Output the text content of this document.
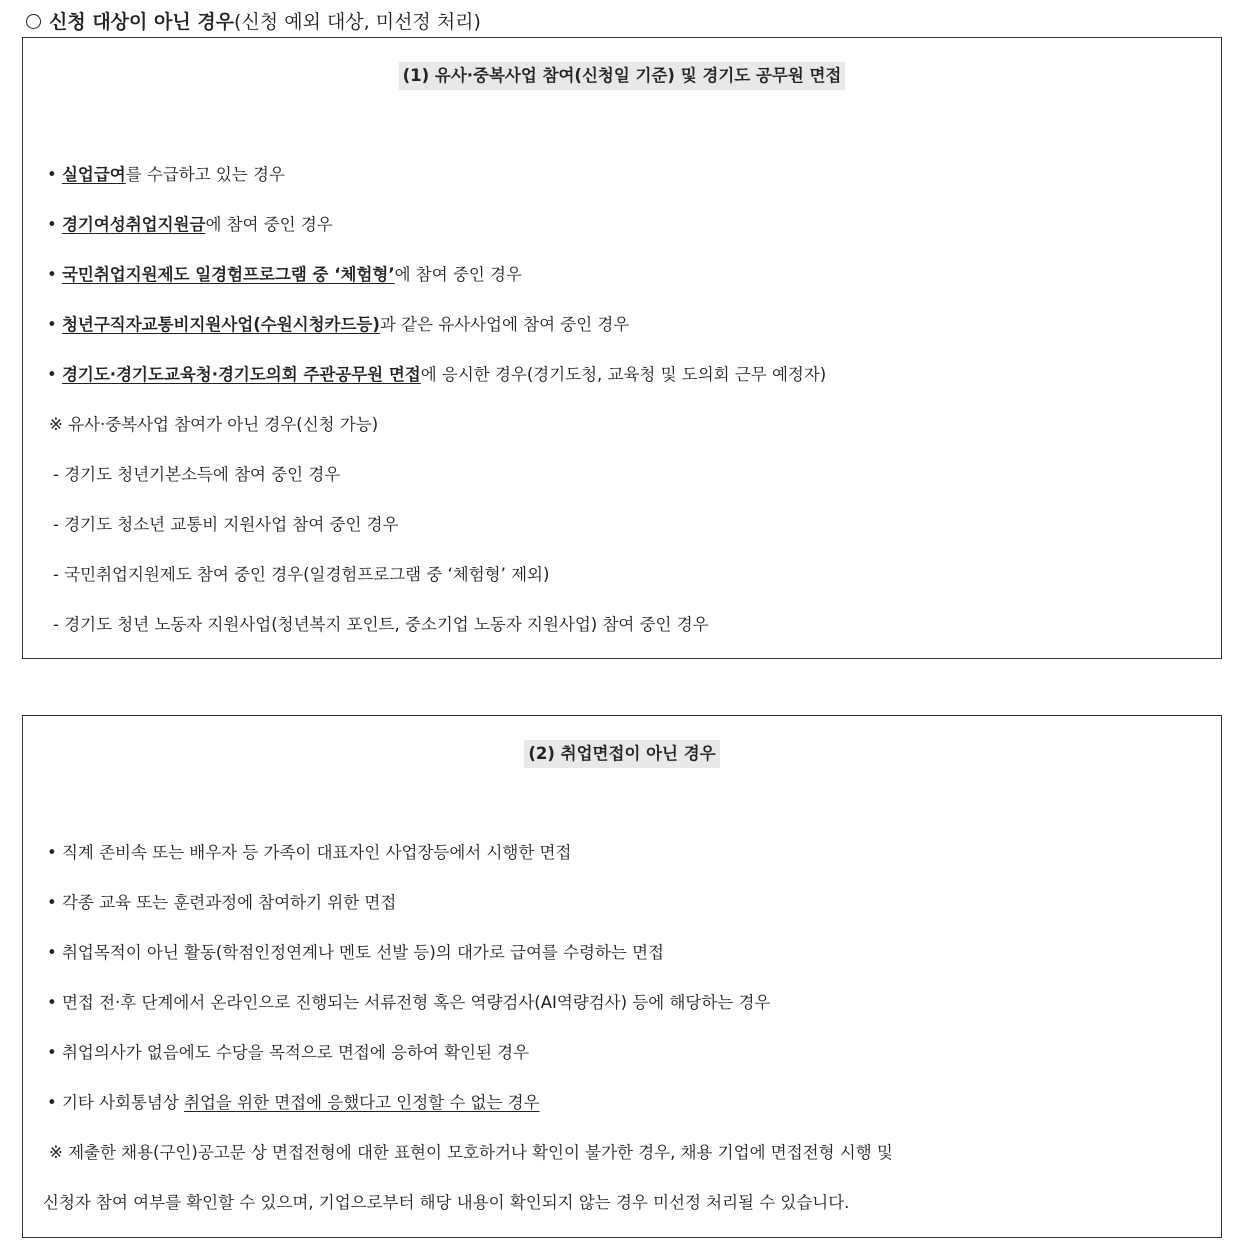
신청 대상이 아닌 경우(신청 예외 대상, 미선정 처리)
(1) 유사·중복사업 참여(신청일 기준) 및 경기도 공무원 면접
• 실업급여를 수급하고 있는 경우
• 경기여성취업지원금에 참여 중인 경우
• 국민취업지원제도 일경험프로그램 중 ‘체험형’에 참여 중인 경우
• 청년구직자교통비지원사업(수원시청카드등)과 같은 유사사업에 참여 중인 경우
• 경기도·경기도교육청·경기도의회 주관공무원 면접에 응시한 경우(경기도청, 교육청 및 도의회 근무 예정자)
※ 유사·중복사업 참여가 아닌 경우(신청 가능)
- 경기도 청년기본소득에 참여 중인 경우
- 경기도 청소년 교통비 지원사업 참여 중인 경우
- 국민취업지원제도 참여 중인 경우(일경험프로그램 중 ‘체험형’ 제외)
- 경기도 청년 노동자 지원사업(청년복지 포인트, 중소기업 노동자 지원사업) 참여 중인 경우
(2) 취업면접이 아닌 경우
• 직계 존비속 또는 배우자 등 가족이 대표자인 사업장등에서 시행한 면접
• 각종 교육 또는 훈련과정에 참여하기 위한 면접
• 취업목적이 아닌 활동(학점인정연계나 멘토 선발 등)의 대가로 급여를 수령하는 면접
• 면접 전·후 단계에서 온라인으로 진행되는 서류전형 혹은 역량검사(AI역량검사) 등에 해당하는 경우
• 취업의사가 없음에도 수당을 목적으로 면접에 응하여 확인된 경우
• 기타 사회통념상 취업을 위한 면접에 응했다고 인정할 수 없는 경우
※ 제출한 채용(구인)공고문 상 면접전형에 대한 표현이 모호하거나 확인이 불가한 경우, 채용 기업에 면접전형 시행 및
신청자 참여 여부를 확인할 수 있으며, 기업으로부터 해당 내용이 확인되지 않는 경우 미선정 처리될 수 있습니다.
